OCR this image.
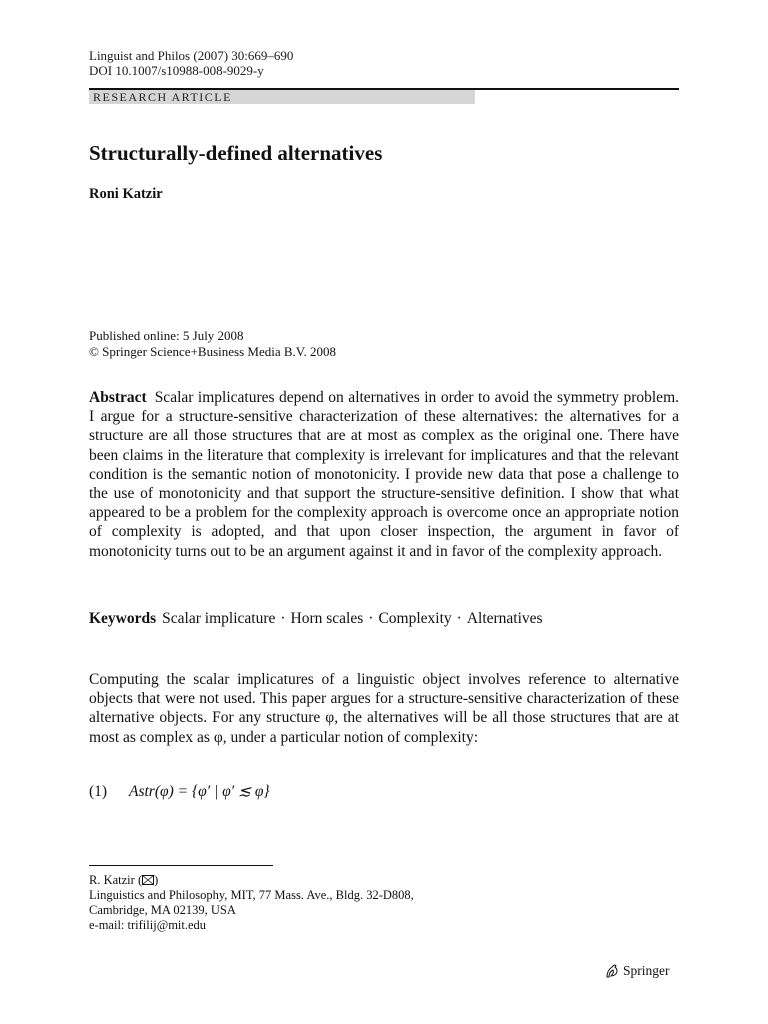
Linguist and Philos (2007) 30:669–690
DOI 10.1007/s10988-008-9029-y
RESEARCH ARTICLE
Structurally-defined alternatives
Roni Katzir
Published online: 5 July 2008
© Springer Science+Business Media B.V. 2008

Abstract Scalar implicatures depend on alternatives in order to avoid the symmetry problem. I argue for a structure-sensitive characterization of these alternatives: the alternatives for a structure are all those structures that are at most as complex as the original one. There have been claims in the literature that complexity is irrelevant for implicatures and that the relevant condition is the semantic notion of monotonicity. I provide new data that pose a challenge to the use of monotonicity and that support the structure-sensitive definition. I show that what appeared to be a problem for the complexity approach is overcome once an appropriate notion of complexity is adopted, and that upon closer inspection, the argument in favor of monotonicity turns out to be an argument against it and in favor of the complexity approach.

Keywords Scalar implicature · Horn scales · Complexity · Alternatives

Computing the scalar implicatures of a linguistic object involves reference to alternative objects that were not used. This paper argues for a structure-sensitive characterization of these alternative objects. For any structure φ, the alternatives will be all those structures that are at most as complex as φ, under a particular notion of complexity:

(1) Astr(φ) = {φ′ | φ′ ≲ φ}
R. Katzir ( )
Linguistics and Philosophy, MIT, 77 Mass. Ave., Bldg. 32-D808,
Cambridge, MA 02139, USA
e-mail: trifilij@mit.edu
Springer
